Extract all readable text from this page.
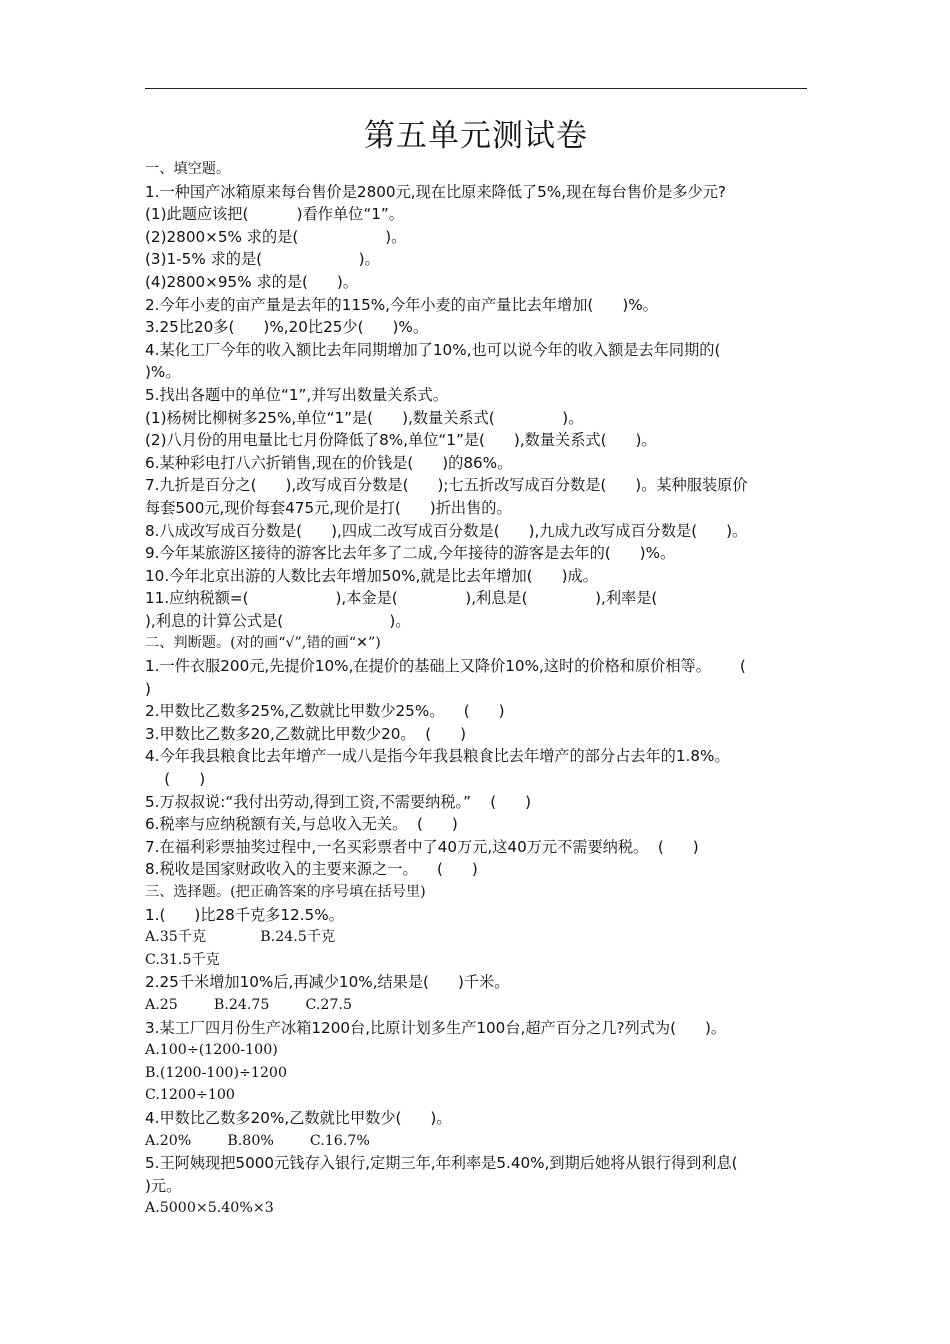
第五单元测试卷
一、填空题。
1.一种国产冰箱原来每台售价是2800元,现在比原来降低了5%,现在每台售价是多少元?
(1)此题应该把(          )看作单位“1”。
(2)2800×5% 求的是(                  )。
(3)1-5% 求的是(                    )。
(4)2800×95% 求的是(      )。
2.今年小麦的亩产量是去年的115%,今年小麦的亩产量比去年增加(      )%。
3.25比20多(      )%,20比25少(      )%。
4.某化工厂今年的收入额比去年同期增加了10%,也可以说今年的收入额是去年同期的(
)%。
5.找出各题中的单位“1”,并写出数量关系式。
(1)杨树比柳树多25%,单位“1”是(      ),数量关系式(              )。
(2)八月份的用电量比七月份降低了8%,单位“1”是(      ),数量关系式(      )。
6.某种彩电打八六折销售,现在的价钱是(      )的86%。
7.九折是百分之(      ),改写成百分数是(      );七五折改写成百分数是(      )。某种服装原价
每套500元,现价每套475元,现价是打(      )折出售的。
8.八成改写成百分数是(      ),四成二改写成百分数是(      ),九成九改写成百分数是(      )。
9.今年某旅游区接待的游客比去年多了二成,今年接待的游客是去年的(      )%。
10.今年北京出游的人数比去年增加50%,就是比去年增加(      )成。
11.应纳税额=(                  ),本金是(              ),利息是(              ),利率是(
),利息的计算公式是(                      )。
二、判断题。(对的画“√”,错的画“✕”)
1.一件衣服200元,先提价10%,在提价的基础上又降价10%,这时的价格和原价相等。      (
)
2.甲数比乙数多25%,乙数就比甲数少25%。    (      )
3.甲数比乙数多20,乙数就比甲数少20。  (      )
4.今年我县粮食比去年增产一成八是指今年我县粮食比去年增产的部分占去年的1.8%。
(      )
5.万叔叔说:“我付出劳动,得到工资,不需要纳税。”    (      )
6.税率与应纳税额有关,与总收入无关。  (      )
7.在福利彩票抽奖过程中,一名买彩票者中了40万元,这40万元不需要纳税。  (      )
8.税收是国家财政收入的主要来源之一。    (      )
三、选择题。(把正确答案的序号填在括号里)
1.(      )比28千克多12.5%。
A.35千克            B.24.5千克
C.31.5千克
2.25千米增加10%后,再减少10%,结果是(      )千米。
A.25        B.24.75        C.27.5
3.某工厂四月份生产冰箱1200台,比原计划多生产100台,超产百分之几?列式为(      )。
A.100÷(1200-100)
B.(1200-100)÷1200
C.1200÷100
4.甲数比乙数多20%,乙数就比甲数少(      )。
A.20%        B.80%        C.16.7%
5.王阿姨现把5000元钱存入银行,定期三年,年利率是5.40%,到期后她将从银行得到利息(
)元。
A.5000×5.40%×3
